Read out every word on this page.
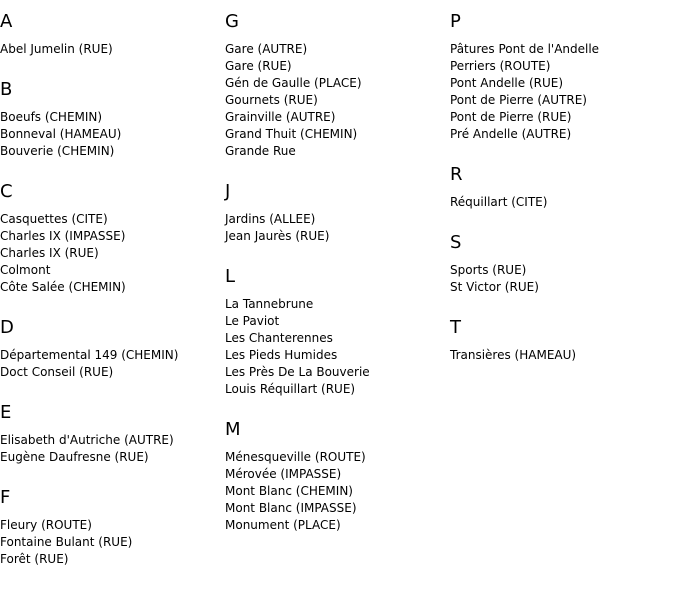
A
Abel Jumelin (RUE)
B
Boeufs (CHEMIN)
Bonneval (HAMEAU)
Bouverie (CHEMIN)
C
Casquettes (CITE)
Charles IX (IMPASSE)
Charles IX (RUE)
Colmont
Côte Salée (CHEMIN)
D
Départemental 149 (CHEMIN)
Doct Conseil (RUE)
E
Elisabeth d'Autriche (AUTRE)
Eugène Daufresne (RUE)
F
Fleury (ROUTE)
Fontaine Bulant (RUE)
Forêt (RUE)
G
Gare (AUTRE)
Gare (RUE)
Gén de Gaulle (PLACE)
Gournets (RUE)
Grainville (AUTRE)
Grand Thuit (CHEMIN)
Grande Rue
J
Jardins (ALLEE)
Jean Jaurès (RUE)
L
La Tannebrune
Le Paviot
Les Chanterennes
Les Pieds Humides
Les Près De La Bouverie
Louis Réquillart (RUE)
M
Ménesqueville (ROUTE)
Mérovée (IMPASSE)
Mont Blanc (CHEMIN)
Mont Blanc (IMPASSE)
Monument (PLACE)
P
Pâtures Pont de l'Andelle
Perriers (ROUTE)
Pont Andelle (RUE)
Pont de Pierre (AUTRE)
Pont de Pierre (RUE)
Pré Andelle (AUTRE)
R
Réquillart (CITE)
S
Sports (RUE)
St Victor (RUE)
T
Transières (HAMEAU)
